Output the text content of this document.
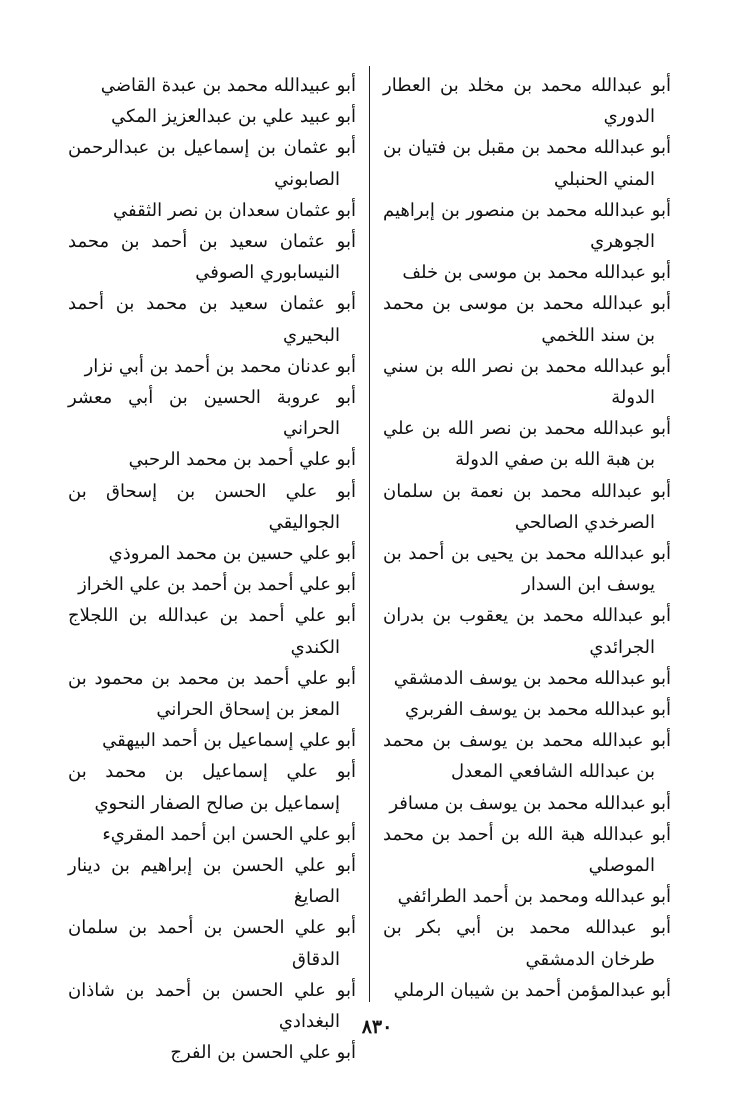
أبو عبدالله محمد بن مخلد بن العطار الدوري

أبو عبدالله محمد بن مقبل بن فتيان بن المني الحنبلي

أبو عبدالله محمد بن منصور بن إبراهيم الجوهري

أبو عبدالله محمد بن موسى بن خلف

أبو عبدالله محمد بن موسى بن محمد بن سند اللخمي

أبو عبدالله محمد بن نصر الله بن سني الدولة

أبو عبدالله محمد بن نصر الله بن علي بن هبة الله بن صفي الدولة

أبو عبدالله محمد بن نعمة بن سلمان الصرخدي الصالحي

أبو عبدالله محمد بن يحيى بن أحمد بن يوسف ابن السدار

أبو عبدالله محمد بن يعقوب بن بدران الجرائدي

أبو عبدالله محمد بن يوسف الدمشقي

أبو عبدالله محمد بن يوسف الفربري

أبو عبدالله محمد بن يوسف بن محمد بن عبدالله الشافعي المعدل

أبو عبدالله محمد بن يوسف بن مسافر

أبو عبدالله هبة الله بن أحمد بن محمد الموصلي

أبو عبدالله ومحمد بن أحمد الطرائفي

أبو عبدالله محمد بن أبي بكر بن طرخان الدمشقي

أبو عبدالمؤمن أحمد بن شيبان الرملي

أبو عبيدالله محمد بن عبدة القاضي

أبو عبيد علي بن عبدالعزيز المكي

أبو عثمان بن إسماعيل بن عبدالرحمن الصابوني

أبو عثمان سعدان بن نصر الثقفي

أبو عثمان سعيد بن أحمد بن محمد النيسابوري الصوفي

أبو عثمان سعيد بن محمد بن أحمد البحيري

أبو عدنان محمد بن أحمد بن أبي نزار

أبو عروبة الحسين بن أبي معشر الحراني

أبو علي أحمد بن محمد الرحبي

أبو علي الحسن بن إسحاق بن الجواليقي

أبو علي حسين بن محمد المروذي

أبو علي أحمد بن أحمد بن علي الخراز

أبو علي أحمد بن عبدالله بن اللجلاج الكندي

أبو علي أحمد بن محمد بن محمود بن المعز بن إسحاق الحراني

أبو علي إسماعيل بن أحمد البيهقي

أبو علي إسماعيل بن محمد بن إسماعيل بن صالح الصفار النحوي

أبو علي الحسن ابن أحمد المقريء

أبو علي الحسن بن إبراهيم بن دينار الصايغ

أبو علي الحسن بن أحمد بن سلمان الدقاق

أبو علي الحسن بن أحمد بن شاذان البغدادي

أبو علي الحسن بن الفرج

٨٣٠
